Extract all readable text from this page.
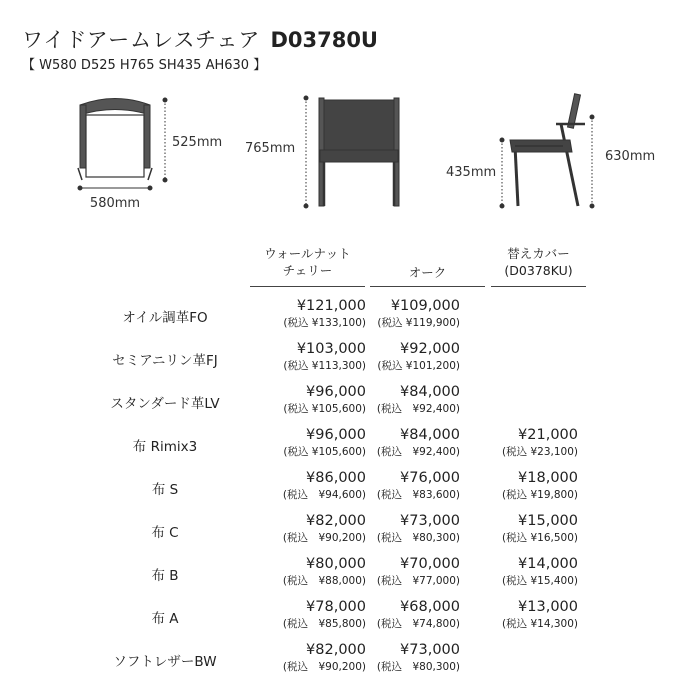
ワイドアームレスチェア D03780U
【 W580 D525 H765 SH435 AH630 】
580mm
525mm 765mm
435mm
630mm
ウォールナット
チェリー	オーク
替えカバー
(D0378KU)
オイル調革FO
¥121,000
(税込 ¥133,100)
¥109,000
(税込 ¥119,900)
セミアニリン革FJ
¥103,000
(税込 ¥113,300)
¥92,000
(税込 ¥101,200)
スタンダード革LV
¥96,000
(税込 ¥105,600)
¥84,000
(税込　¥92,400)
布 Rimix3
¥96,000
(税込 ¥105,600)
¥84,000
(税込　¥92,400)
¥21,000
(税込 ¥23,100)
布 S
¥86,000
(税込　¥94,600)
¥76,000
(税込　¥83,600)
¥18,000
(税込 ¥19,800)
布 C
¥82,000
(税込　¥90,200)
¥73,000
(税込　¥80,300)
¥15,000
(税込 ¥16,500)
布 B
¥80,000
(税込　¥88,000)
¥70,000
(税込　¥77,000)
¥14,000
(税込 ¥15,400)
布 A
¥78,000
(税込　¥85,800)
¥68,000
(税込　¥74,800)
¥13,000
(税込 ¥14,300)
ソフトレザーBW
¥82,000
(税込　¥90,200)
¥73,000
(税込　¥80,300)
